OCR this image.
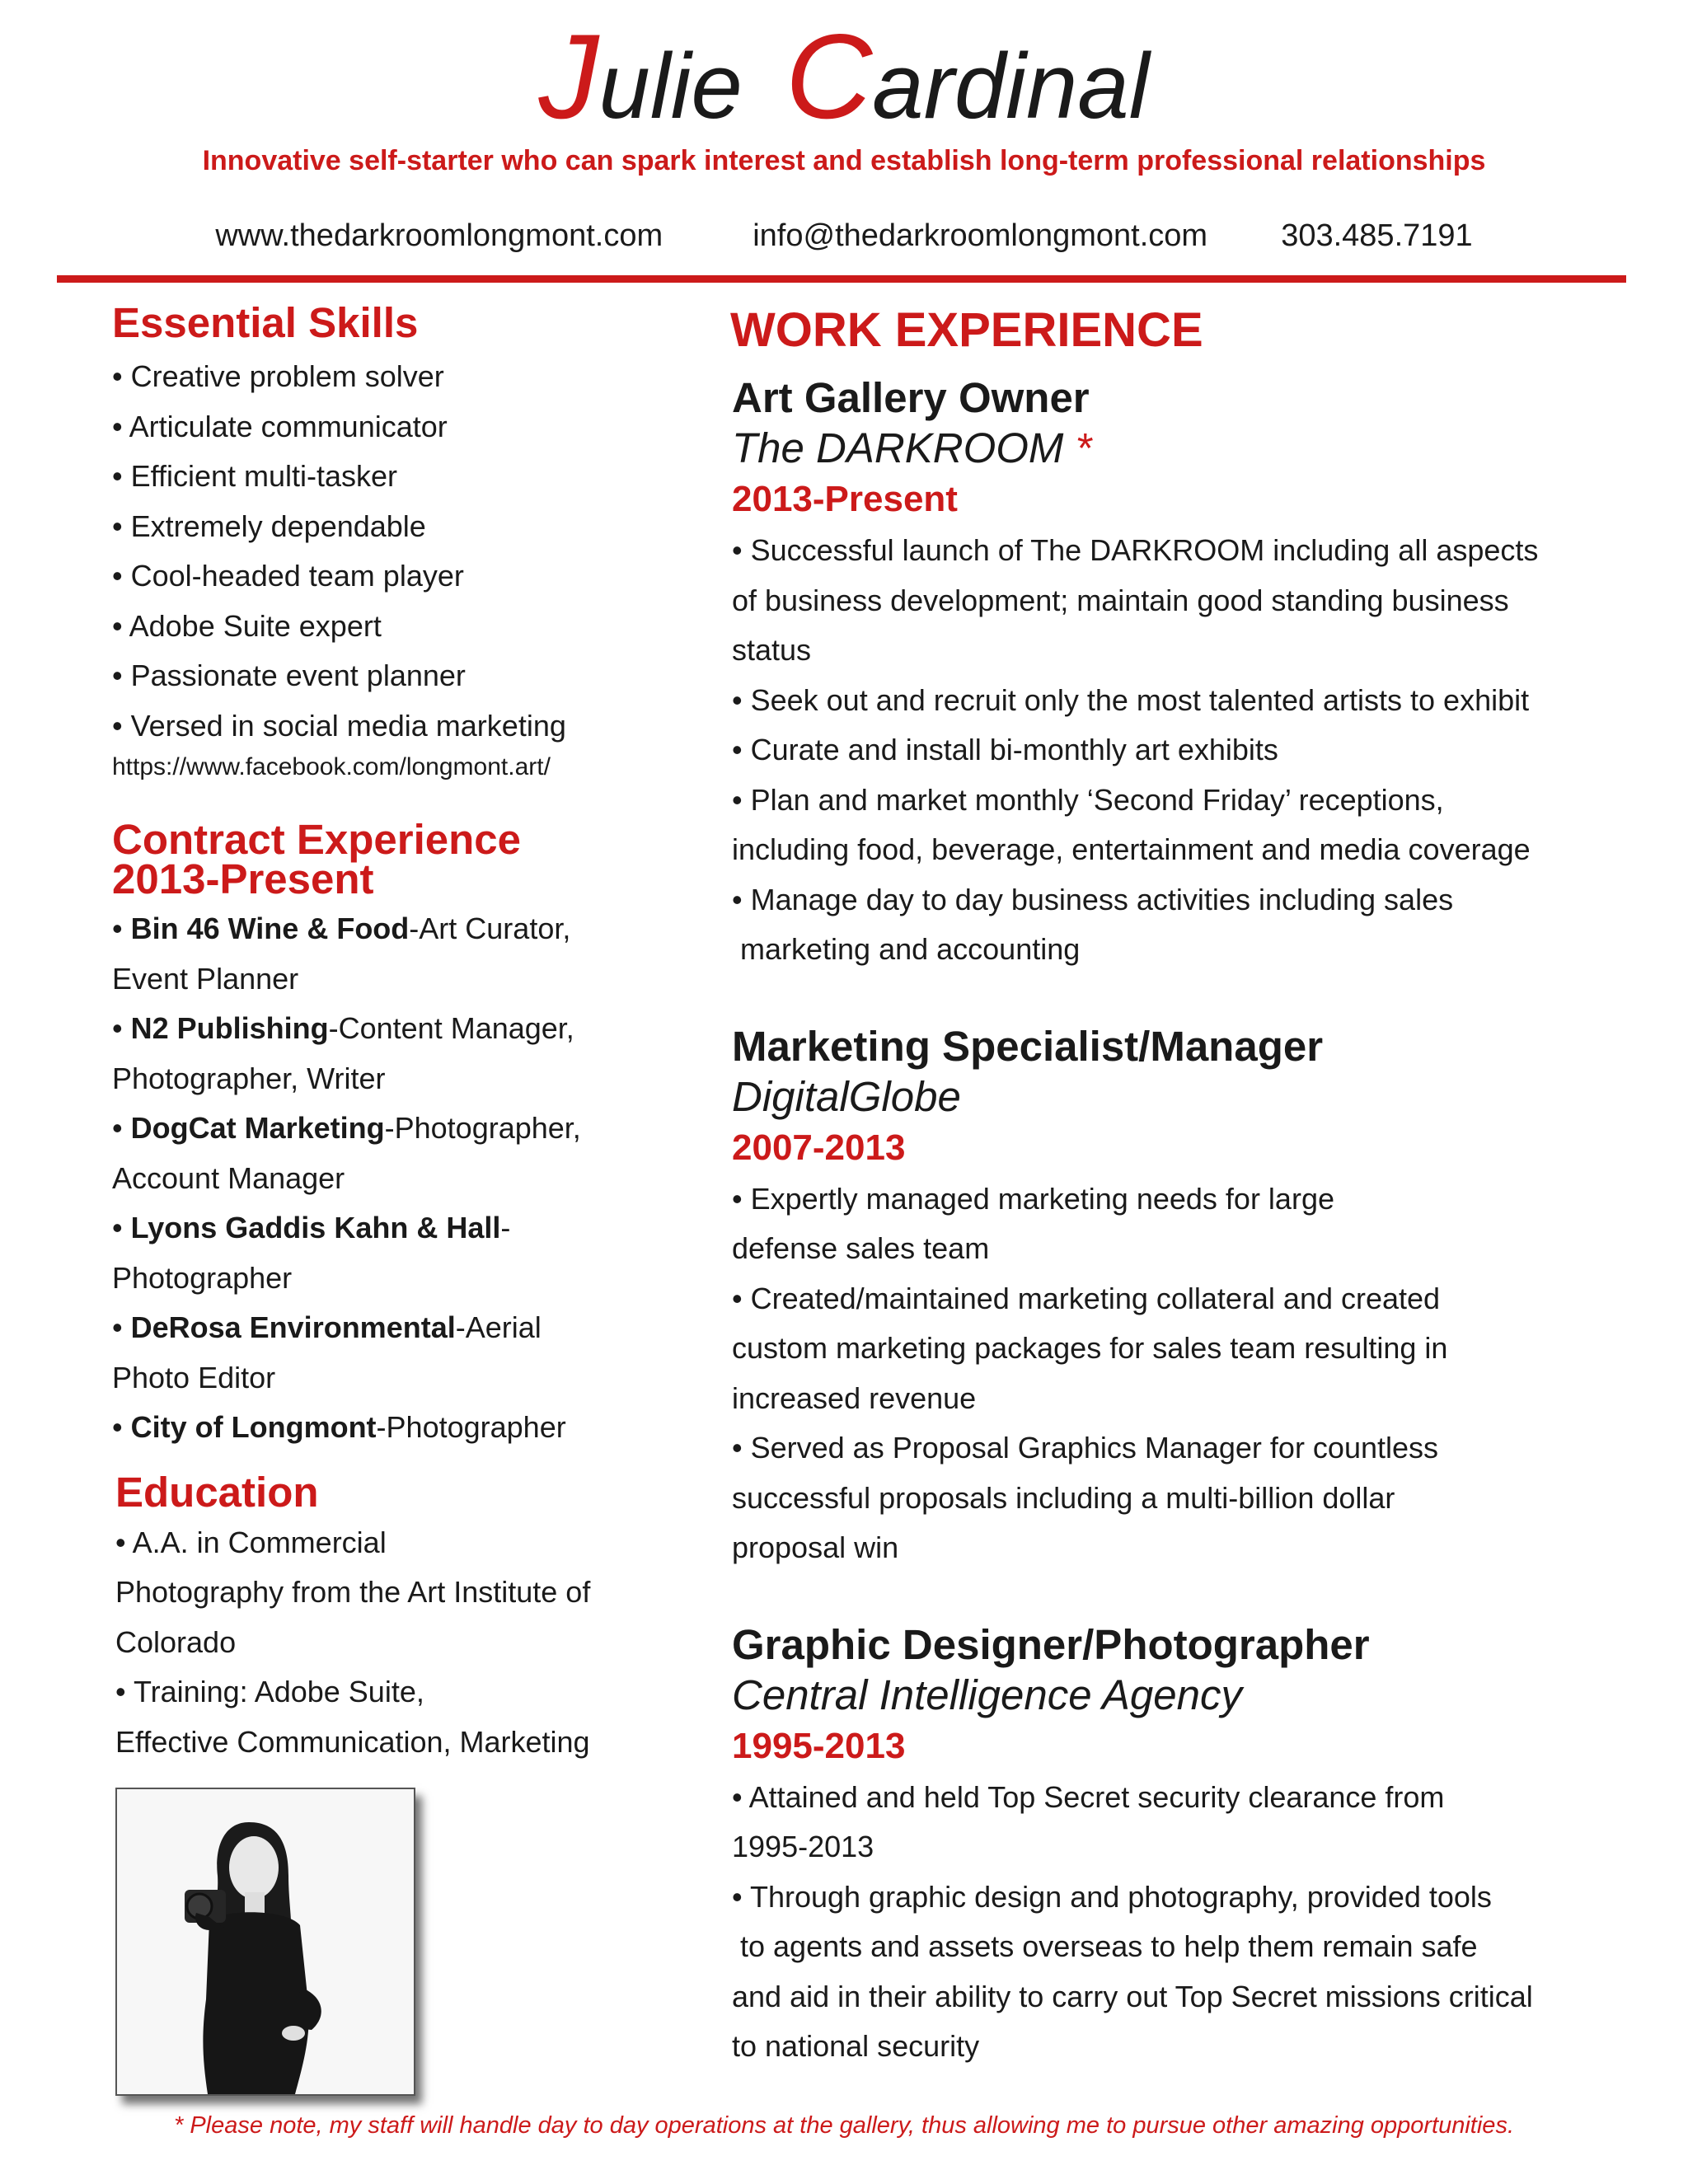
Julie Cardinal
Innovative self-starter who can spark interest and establish long-term professional relationships
www.thedarkroomlongmont.com	info@thedarkroomlongmont.com 303.485.7191
Essential Skills
• Creative problem solver
• Articulate communicator
• Efficient multi-tasker
• Extremely dependable
• Cool-headed team player
• Adobe Suite expert
• Passionate event planner
• Versed in social media marketing
https://www.facebook.com/longmont.art/
Contract Experience
2013-Present
• Bin 46 Wine & Food-Art Curator,
Event Planner
• N2 Publishing-Content Manager,
Photographer, Writer
• DogCat Marketing-Photographer,
Account Manager
• Lyons Gaddis Kahn & Hall-
Photographer
• DeRosa Environmental-Aerial
Photo Editor
• City of Longmont-Photographer
Education
• A.A. in Commercial
Photography from the Art Institute of
Colorado
• Training: Adobe Suite,
Effective Communication, Marketing
WORK EXPERIENCE
Art Gallery Owner
The DARKROOM *
2013-Present
• Successful launch of The DARKROOM including all aspects
of business development; maintain good standing business
status
• Seek out and recruit only the most talented artists to exhibit
• Curate and install bi-monthly art exhibits
• Plan and market monthly ‘Second Friday’ receptions,
including food, beverage, entertainment and media coverage
• Manage day to day business activities including sales
marketing and accounting
Marketing Specialist/Manager
DigitalGlobe
2007-2013
• Expertly managed marketing needs for large
defense sales team
• Created/maintained marketing collateral and created
custom marketing packages for sales team resulting in
increased revenue
• Served as Proposal Graphics Manager for countless
successful proposals including a multi-billion dollar
proposal win
Graphic Designer/Photographer
Central Intelligence Agency
1995-2013
• Attained and held Top Secret security clearance from
1995-2013
• Through graphic design and photography, provided tools
to agents and assets overseas to help them remain safe
and aid in their ability to carry out Top Secret missions critical
to national security
* Please note, my staff will handle day to day operations at the gallery, thus allowing me to pursue other amazing opportunities.
